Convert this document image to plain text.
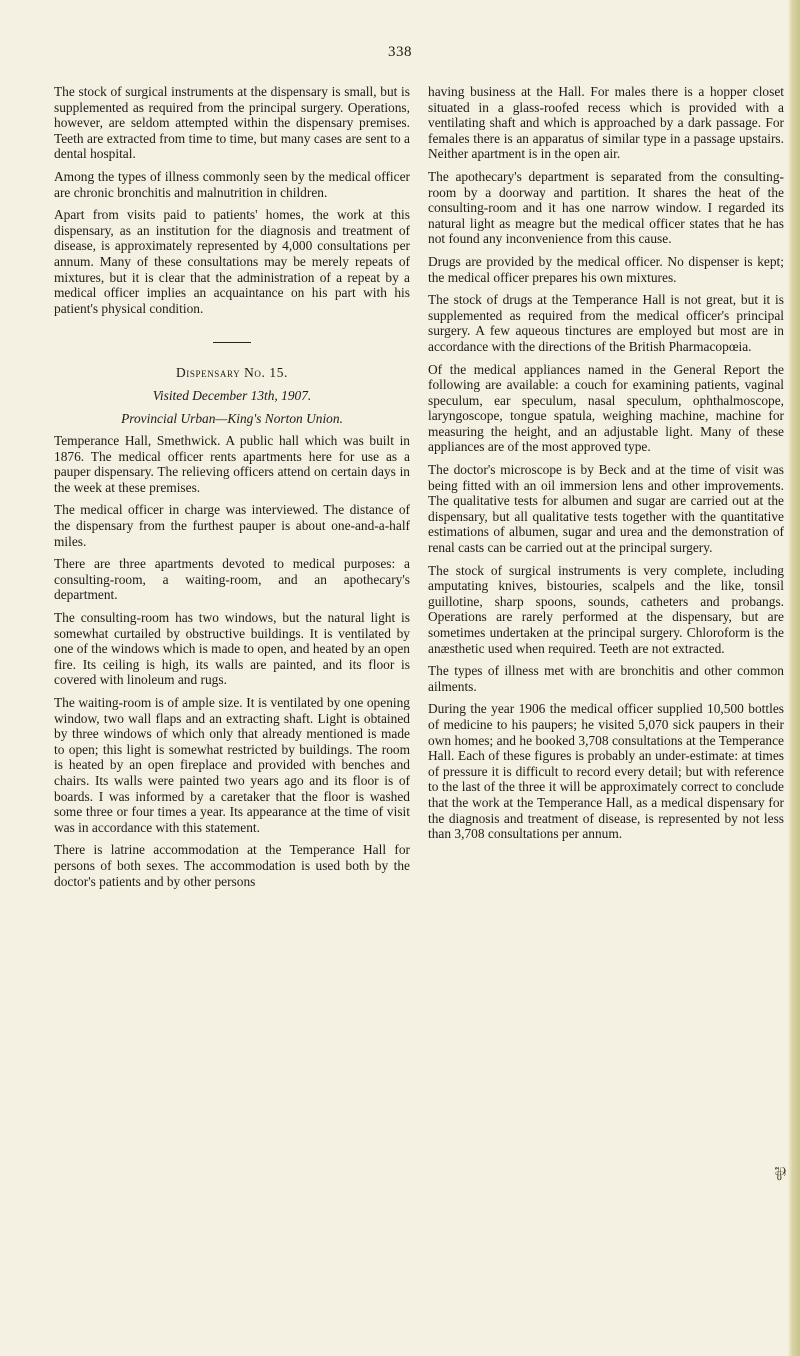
338

The stock of surgical instruments at the dispensary is small, but is supplemented as required from the principal surgery. Operations, however, are seldom attempted within the dispensary premises. Teeth are extracted from time to time, but many cases are sent to a dental hospital.

Among the types of illness commonly seen by the medical officer are chronic bronchitis and malnutrition in children.

Apart from visits paid to patients' homes, the work at this dispensary, as an institution for the diagnosis and treatment of disease, is approximately represented by 4,000 consultations per annum. Many of these consultations may be merely repeats of mixtures, but it is clear that the administration of a repeat by a medical officer implies an acquaintance on his part with his patient's physical condition.

Dispensary No. 15.

Visited December 13th, 1907.

Provincial Urban—King's Norton Union.

Temperance Hall, Smethwick. A public hall which was built in 1876. The medical officer rents apartments here for use as a pauper dispensary. The relieving officers attend on certain days in the week at these premises.

The medical officer in charge was interviewed. The distance of the dispensary from the furthest pauper is about one-and-a-half miles.

There are three apartments devoted to medical purposes: a consulting-room, a waiting-room, and an apothecary's department.

The consulting-room has two windows, but the natural light is somewhat curtailed by obstructive buildings. It is ventilated by one of the windows which is made to open, and heated by an open fire. Its ceiling is high, its walls are painted, and its floor is covered with linoleum and rugs.

The waiting-room is of ample size. It is ventilated by one opening window, two wall flaps and an extracting shaft. Light is obtained by three windows of which only that already mentioned is made to open; this light is somewhat restricted by buildings. The room is heated by an open fireplace and provided with benches and chairs. Its walls were painted two years ago and its floor is of boards. I was informed by a caretaker that the floor is washed some three or four times a year. Its appearance at the time of visit was in accordance with this statement.

There is latrine accommodation at the Temperance Hall for persons of both sexes. The accommodation is used both by the doctor's patients and by other persons

having business at the Hall. For males there is a hopper closet situated in a glass-roofed recess which is provided with a ventilating shaft and which is approached by a dark passage. For females there is an apparatus of similar type in a passage upstairs. Neither apartment is in the open air.

The apothecary's department is separated from the consulting-room by a doorway and partition. It shares the heat of the consulting-room and it has one narrow window. I regarded its natural light as meagre but the medical officer states that he has not found any inconvenience from this cause.

Drugs are provided by the medical officer. No dispenser is kept; the medical officer prepares his own mixtures.

The stock of drugs at the Temperance Hall is not great, but it is supplemented as required from the medical officer's principal surgery. A few aqueous tinctures are employed but most are in accordance with the directions of the British Pharmacopœia.

Of the medical appliances named in the General Report the following are available: a couch for examining patients, vaginal speculum, ear speculum, nasal speculum, ophthalmoscope, laryngoscope, tongue spatula, weighing machine, machine for measuring the height, and an adjustable light. Many of these appliances are of the most approved type.

The doctor's microscope is by Beck and at the time of visit was being fitted with an oil immersion lens and other improvements. The qualitative tests for albumen and sugar are carried out at the dispensary, but all qualitative tests together with the quantitative estimations of albumen, sugar and urea and the demonstration of renal casts can be carried out at the principal surgery.

The stock of surgical instruments is very complete, including amputating knives, bistouries, scalpels and the like, tonsil guillotine, sharp spoons, sounds, catheters and probangs. Operations are rarely performed at the dispensary, but are sometimes undertaken at the principal surgery. Chloroform is the anæsthetic used when required. Teeth are not extracted.

The types of illness met with are bronchitis and other common ailments.

During the year 1906 the medical officer supplied 10,500 bottles of medicine to his paupers; he visited 5,070 sick paupers in their own homes; and he booked 3,708 consultations at the Temperance Hall. Each of these figures is probably an under-estimate: at times of pressure it is difficult to record every detail; but with reference to the last of the three it will be approximately correct to conclude that the work at the Temperance Hall, as a medical dispensary for the diagnosis and treatment of disease, is represented by not less than 3,708 consultations per annum.

⅌
